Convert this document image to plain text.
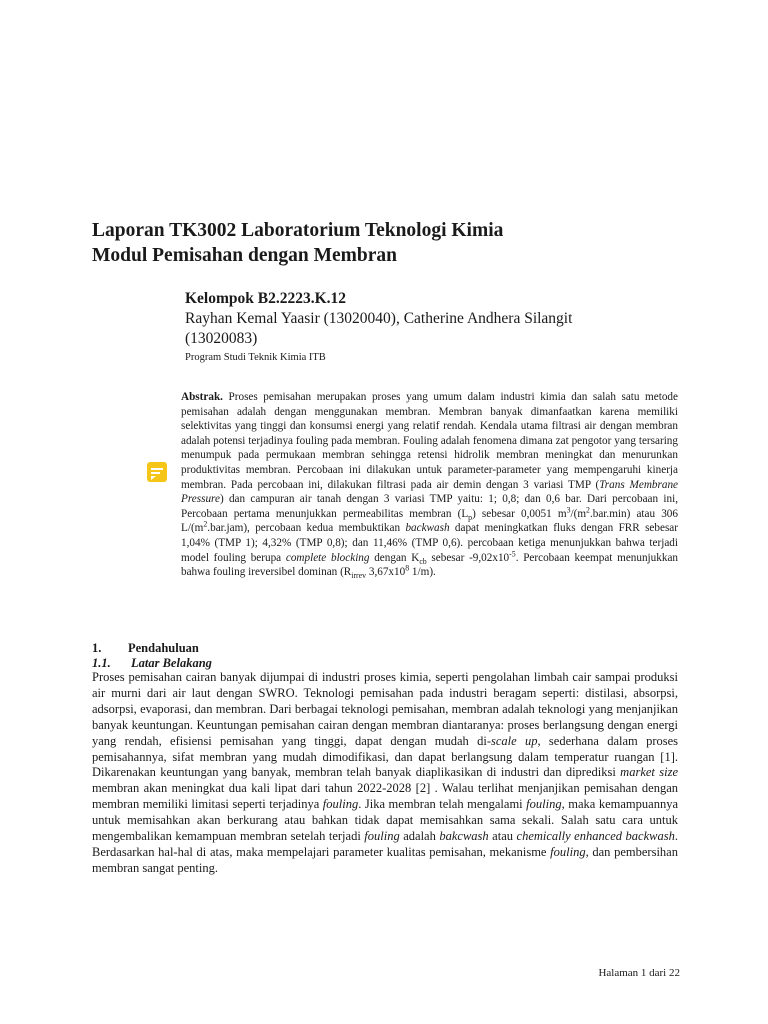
Laporan TK3002 Laboratorium Teknologi Kimia
Modul Pemisahan dengan Membran

Kelompok B2.2223.K.12

Rayhan Kemal Yaasir (13020040), Catherine Andhera Silangit
(13020083)

Program Studi Teknik Kimia ITB

Abstrak. Proses pemisahan merupakan proses yang umum dalam industri kimia dan salah satu metode pemisahan adalah dengan menggunakan membran. Membran banyak dimanfaatkan karena memiliki selektivitas yang tinggi dan konsumsi energi yang relatif rendah. Kendala utama filtrasi air dengan membran adalah potensi terjadinya fouling pada membran. Fouling adalah fenomena dimana zat pengotor yang tersaring menumpuk pada permukaan membran sehingga retensi hidrolik membran meningkat dan menurunkan produktivitas membran. Percobaan ini dilakukan untuk parameter-parameter yang mempengaruhi kinerja membran. Pada percobaan ini, dilakukan filtrasi pada air demin dengan 3 variasi TMP (Trans Membrane Pressure) dan campuran air tanah dengan 3 variasi TMP yaitu: 1; 0,8; dan 0,6 bar. Dari percobaan ini, Percobaan pertama menunjukkan permeabilitas membran $(L_p)$ sebesar 0,0051 $m^3/(m^2.bar.\min)$ atau 306 $L/(m^2.bar.jam)$, percobaan kedua membuktikan backwash dapat meningkatkan fluks dengan FRR sebesar 1,04% (TMP 1); 4,32% (TMP 0,8); dan 11,46% (TMP 0,6). percobaan ketiga menunjukkan bahwa terjadi model fouling berupa complete blocking dengan $K_{cb}$ sebesar $-9,02x10^{-5}$. Percobaan keempat menunjukkan bahwa fouling ireversibel dominan ($R_{irrev}$ $3,67x10^8$ 1/m).

1. Pendahuluan
1.1. Latar Belakang

Proses pemisahan cairan banyak dijumpai di industri proses kimia, seperti pengolahan limbah cair sampai produksi air murni dari air laut dengan SWRO. Teknologi pemisahan pada industri beragam seperti: distilasi, absorpsi, adsorpsi, evaporasi, dan membran. Dari berbagai teknologi pemisahan, membran adalah teknologi yang menjanjikan banyak keuntungan. Keuntungan pemisahan cairan dengan membran diantaranya: proses berlangsung dengan energi yang rendah, efisiensi pemisahan yang tinggi, dapat dengan mudah di-scale up, sederhana dalam proses pemisahannya, sifat membran yang mudah dimodifikasi, dan dapat berlangsung dalam temperatur ruangan [1]. Dikarenakan keuntungan yang banyak, membran telah banyak diaplikasikan di industri dan diprediksi market size membran akan meningkat dua kali lipat dari tahun 2022-2028 [2] . Walau terlihat menjanjikan pemisahan dengan membran memiliki limitasi seperti terjadinya fouling. Jika membran telah mengalami fouling, maka kemampuannya untuk memisahkan akan berkurang atau bahkan tidak dapat memisahkan sama sekali. Salah satu cara untuk mengembalikan kemampuan membran setelah terjadi fouling adalah bakcwash atau chemically enhanced backwash. Berdasarkan hal-hal di atas, maka mempelajari parameter kualitas pemisahan, mekanisme fouling, dan pembersihan membran sangat penting.

Halaman 1 dari 22
